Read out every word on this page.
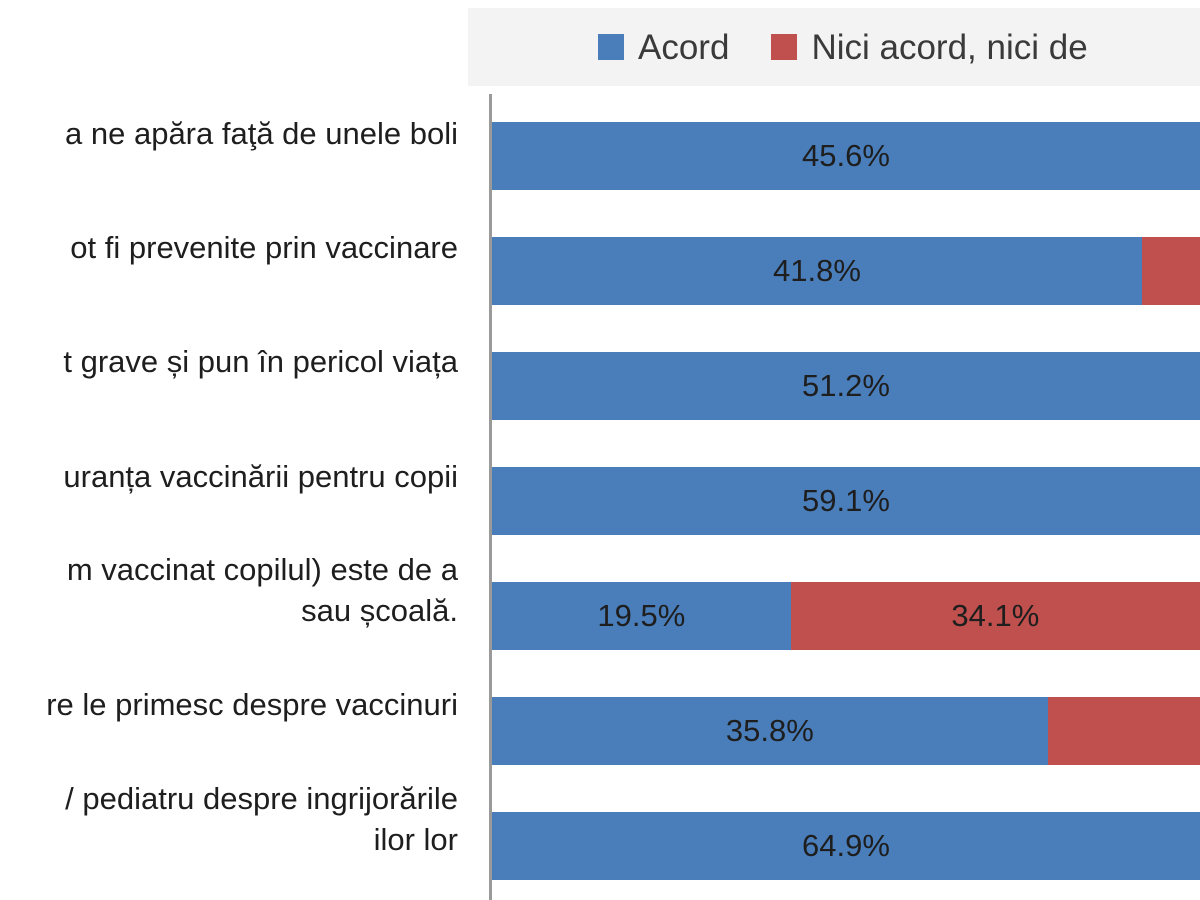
Acord Nici acord, nici de
a ne apăra faţă de unele boli
ot fi prevenite prin vaccinare
t grave și pun în pericol viața
uranța vaccinării pentru copii
m vaccinat copilul) este de a
sau școală.
re le primesc despre vaccinuri
/ pediatru despre ingrijorările
ilor lor
45.6%
41.8%
51.2%
59.1%
19.5%	34.1%
35.8%
64.9%
